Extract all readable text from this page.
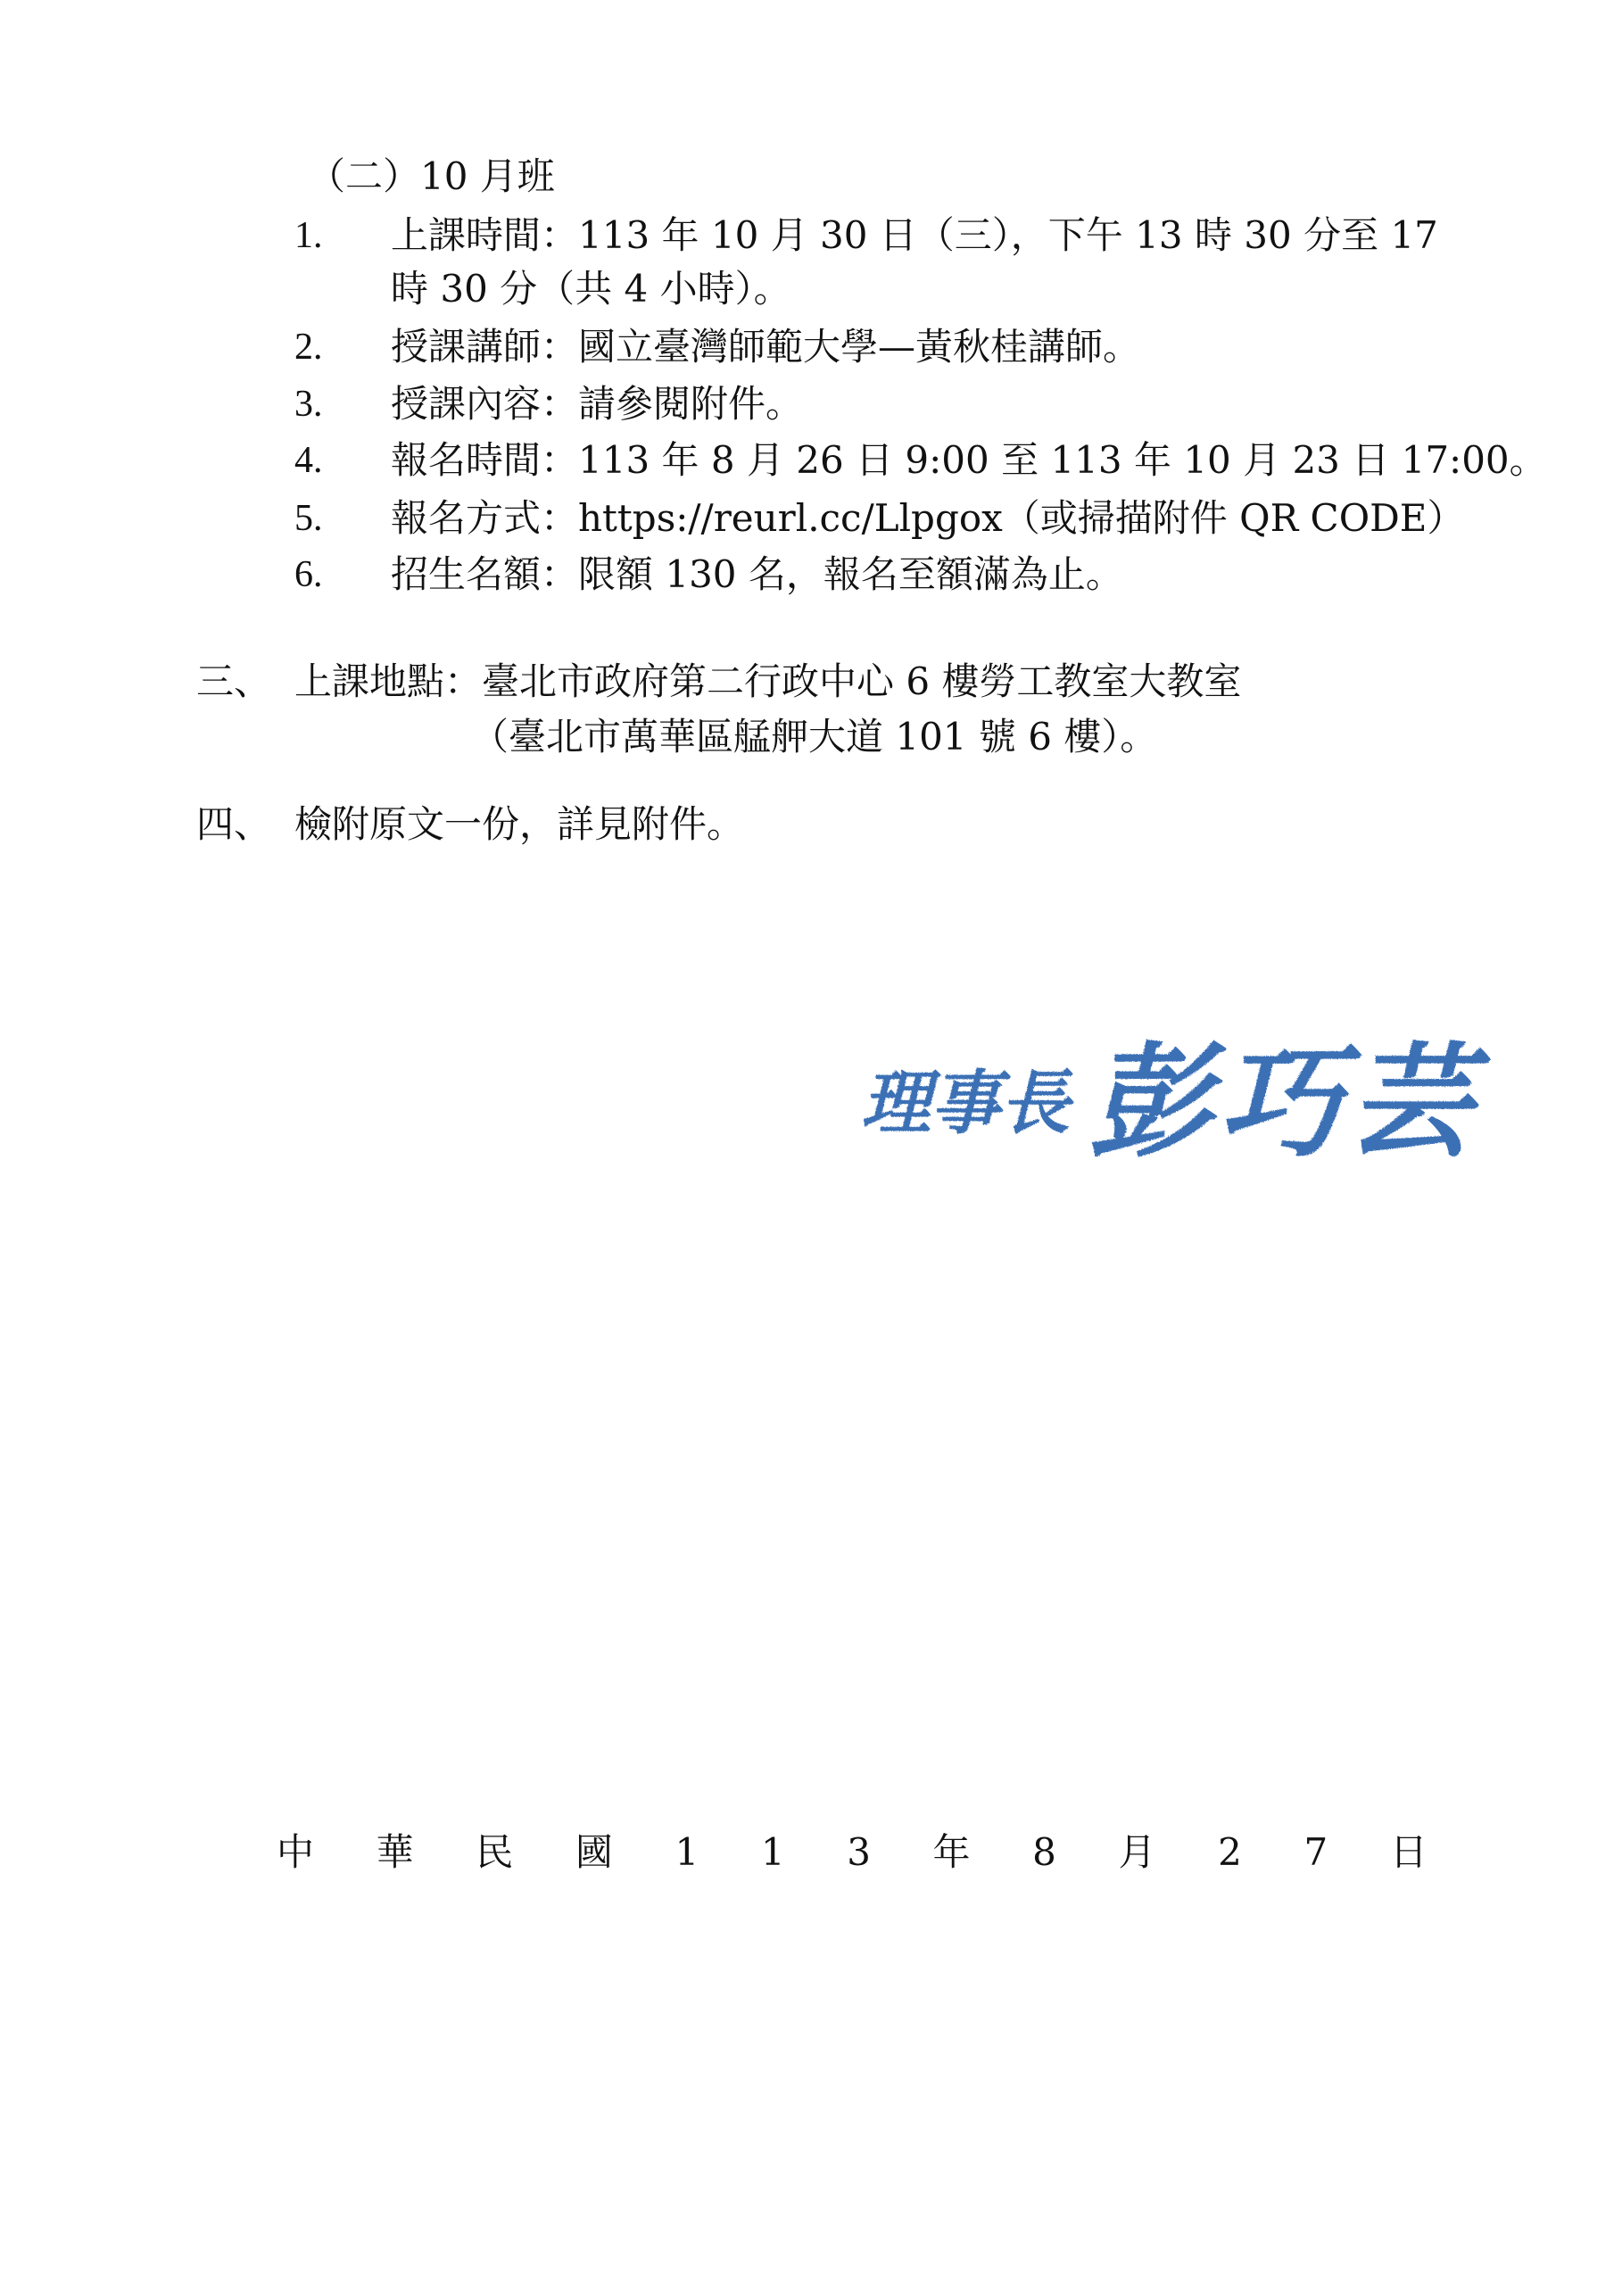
（二）10 月班
1. 上課時間：113 年 10 月 30 日（三），下午 13 時 30 分至 17
時 30 分（共 4 小時）。
2. 授課講師：國立臺灣師範大學—黃秋桂講師。
3. 授課內容：請參閱附件。
4. 報名時間：113 年 8 月 26 日 9:00 至 113 年 10 月 23 日 17:00。
5. 報名方式：https://reurl.cc/Llpgox（或掃描附件 QR CODE）
6. 招生名額：限額 130 名，報名至額滿為止。
三、 上課地點：臺北市政府第二行政中心 6 樓勞工教室大教室
（臺北市萬華區艋舺大道 101 號 6 樓）。
四、 檢附原文一份，詳見附件。
理事長 彭巧芸
中 華 民 國 1 1 3 年 8 月 2 7 日
